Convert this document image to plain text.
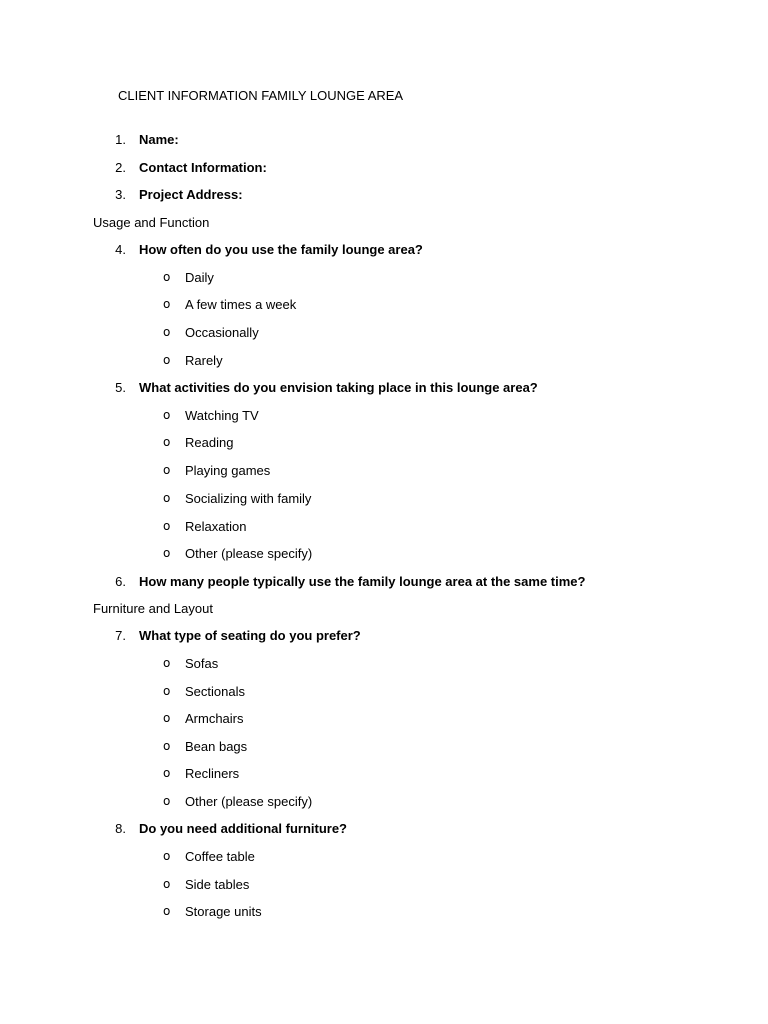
CLIENT INFORMATION FAMILY LOUNGE AREA
1. Name:
2. Contact Information:
3. Project Address:
Usage and Function
4. How often do you use the family lounge area?
o Daily
o A few times a week
o Occasionally
o Rarely
5. What activities do you envision taking place in this lounge area?
o Watching TV
o Reading
o Playing games
o Socializing with family
o Relaxation
o Other (please specify)
6. How many people typically use the family lounge area at the same time?
Furniture and Layout
7. What type of seating do you prefer?
o Sofas
o Sectionals
o Armchairs
o Bean bags
o Recliners
o Other (please specify)
8. Do you need additional furniture?
o Coffee table
o Side tables
o Storage units
